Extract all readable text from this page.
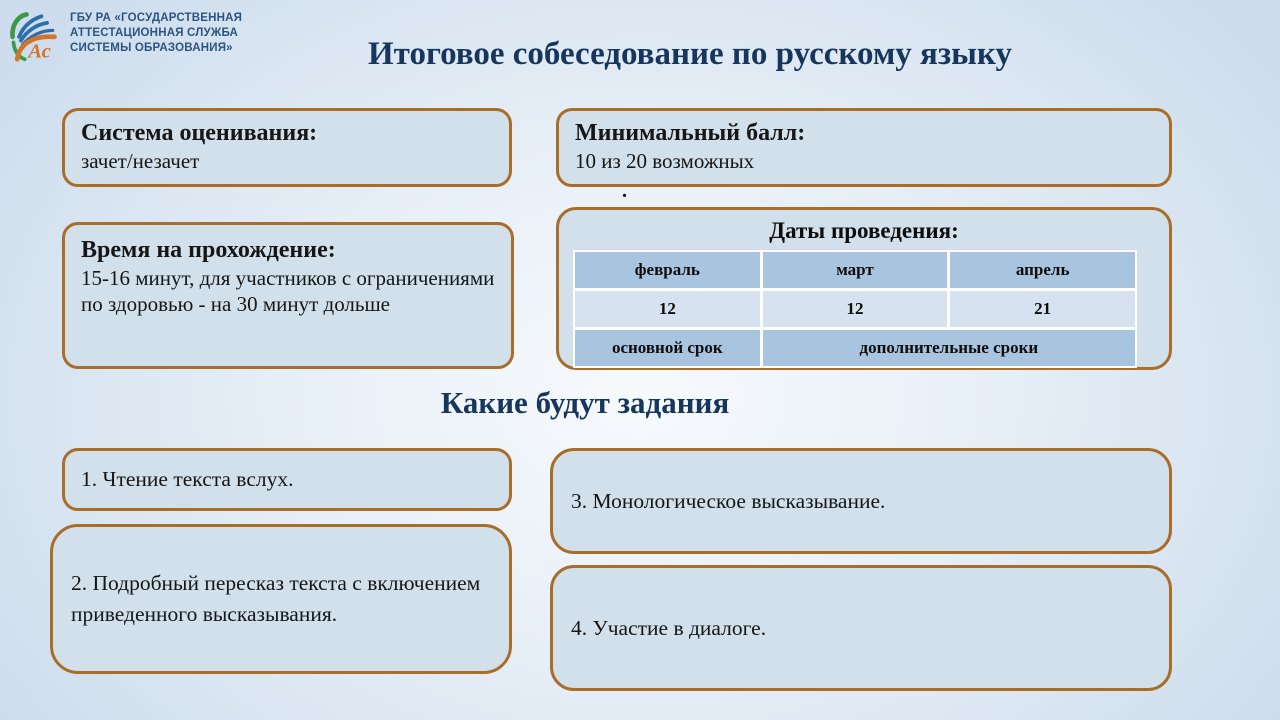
Ас
ГБУ РА «ГОСУДАРСТВЕННАЯ
АТТЕСТАЦИОННАЯ СЛУЖБА
СИСТЕМЫ ОБРАЗОВАНИЯ»	Итоговое собеседование по русскому языку
Система оценивания:
зачет/незачет
Минимальный балл:
10 из 20 возможных
.
Время на прохождение:
15-16 минут, для участников с ограничениями по здоровью - на 30 минут дольше
Даты проведения:
февраль	март	апрель
12	12	21
основной срок	дополнительные сроки
Какие будут задания
1. Чтение текста вслух.
2. Подробный пересказ текста с включением приведенного высказывания.
3. Монологическое высказывание.
4. Участие в диалоге.
